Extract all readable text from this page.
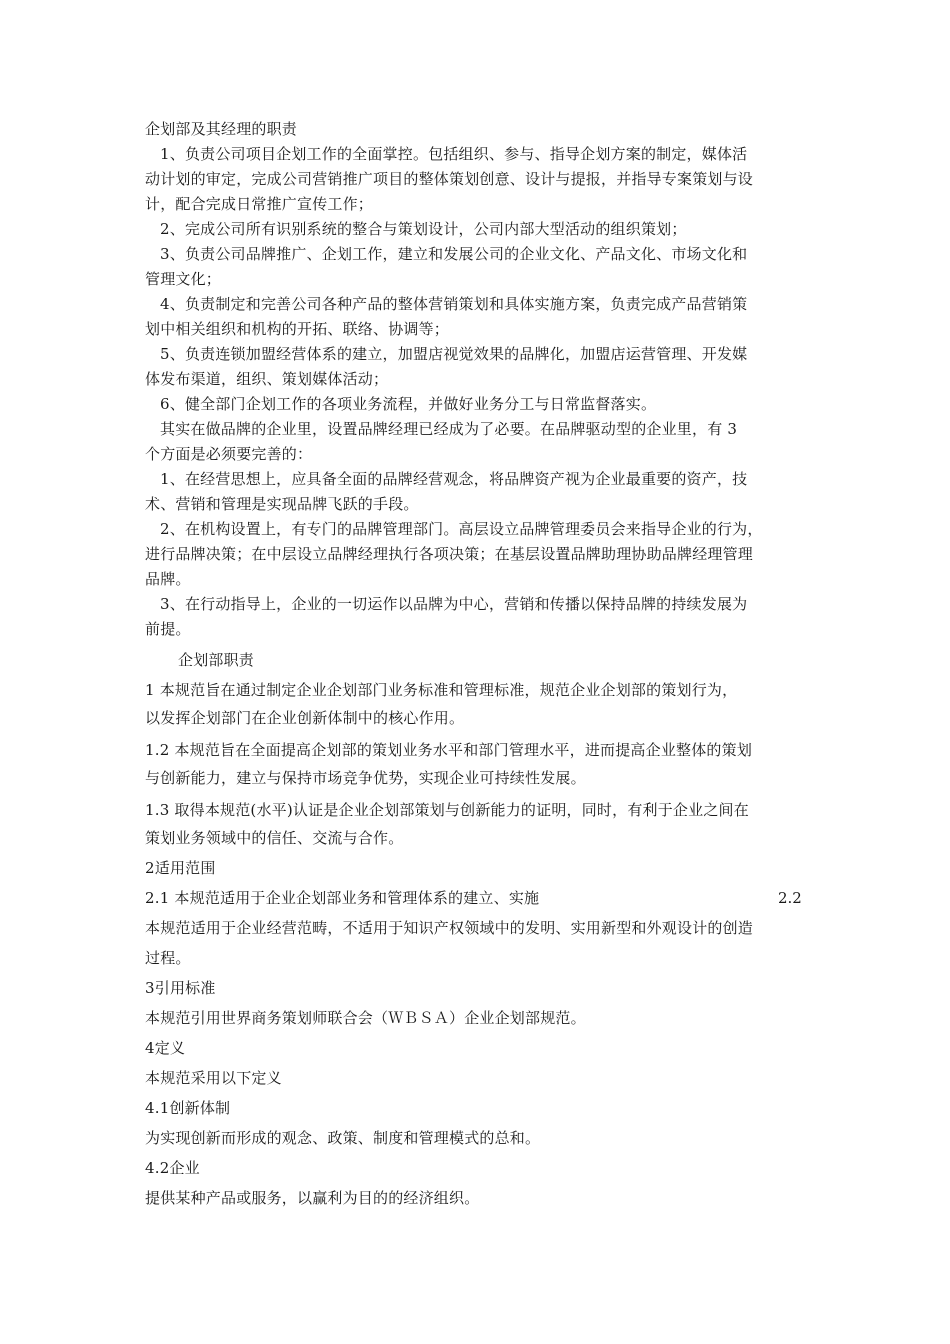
企划部及其经理的职责
1、负责公司项目企划工作的全面掌控。包括组织、参与、指导企划方案的制定，媒体活
动计划的审定，完成公司营销推广项目的整体策划创意、设计与提报，并指导专案策划与设
计，配合完成日常推广宣传工作；
2、完成公司所有识别系统的整合与策划设计，公司内部大型活动的组织策划；
3、负责公司品牌推广、企划工作，建立和发展公司的企业文化、产品文化、市场文化和
管理文化；
4、负责制定和完善公司各种产品的整体营销策划和具体实施方案，负责完成产品营销策
划中相关组织和机构的开拓、联络、协调等；
5、负责连锁加盟经营体系的建立，加盟店视觉效果的品牌化，加盟店运营管理、开发媒
体发布渠道，组织、策划媒体活动；
6、健全部门企划工作的各项业务流程，并做好业务分工与日常监督落实。
其实在做品牌的企业里，设置品牌经理已经成为了必要。在品牌驱动型的企业里，有 3
个方面是必须要完善的：
1、在经营思想上，应具备全面的品牌经营观念，将品牌资产视为企业最重要的资产，技
术、营销和管理是实现品牌飞跃的手段。
2、在机构设置上，有专门的品牌管理部门。高层设立品牌管理委员会来指导企业的行为，
进行品牌决策；在中层设立品牌经理执行各项决策；在基层设置品牌助理协助品牌经理管理
品牌。
3、在行动指导上，企业的一切运作以品牌为中心，营销和传播以保持品牌的持续发展为
前提。
企划部职责
1 本规范旨在通过制定企业企划部门业务标准和管理标准，规范企业企划部的策划行为，
以发挥企划部门在企业创新体制中的核心作用。
1.2 本规范旨在全面提高企划部的策划业务水平和部门管理水平，进而提高企业整体的策划
与创新能力，建立与保持市场竞争优势，实现企业可持续性发展。
1.3 取得本规范(水平)认证是企业企划部策划与创新能力的证明，同时，有利于企业之间在
策划业务领域中的信任、交流与合作。
2适用范围
2.1 本规范适用于企业企划部业务和管理体系的建立、实施	2.2
本规范适用于企业经营范畴，不适用于知识产权领域中的发明、实用新型和外观设计的创造
过程。
3引用标准
本规范引用世界商务策划师联合会（ＷＢＳＡ）企业企划部规范。
4定义
本规范采用以下定义
4.1创新体制
为实现创新而形成的观念、政策、制度和管理模式的总和。
4.2企业
提供某种产品或服务，以赢利为目的的经济组织。
